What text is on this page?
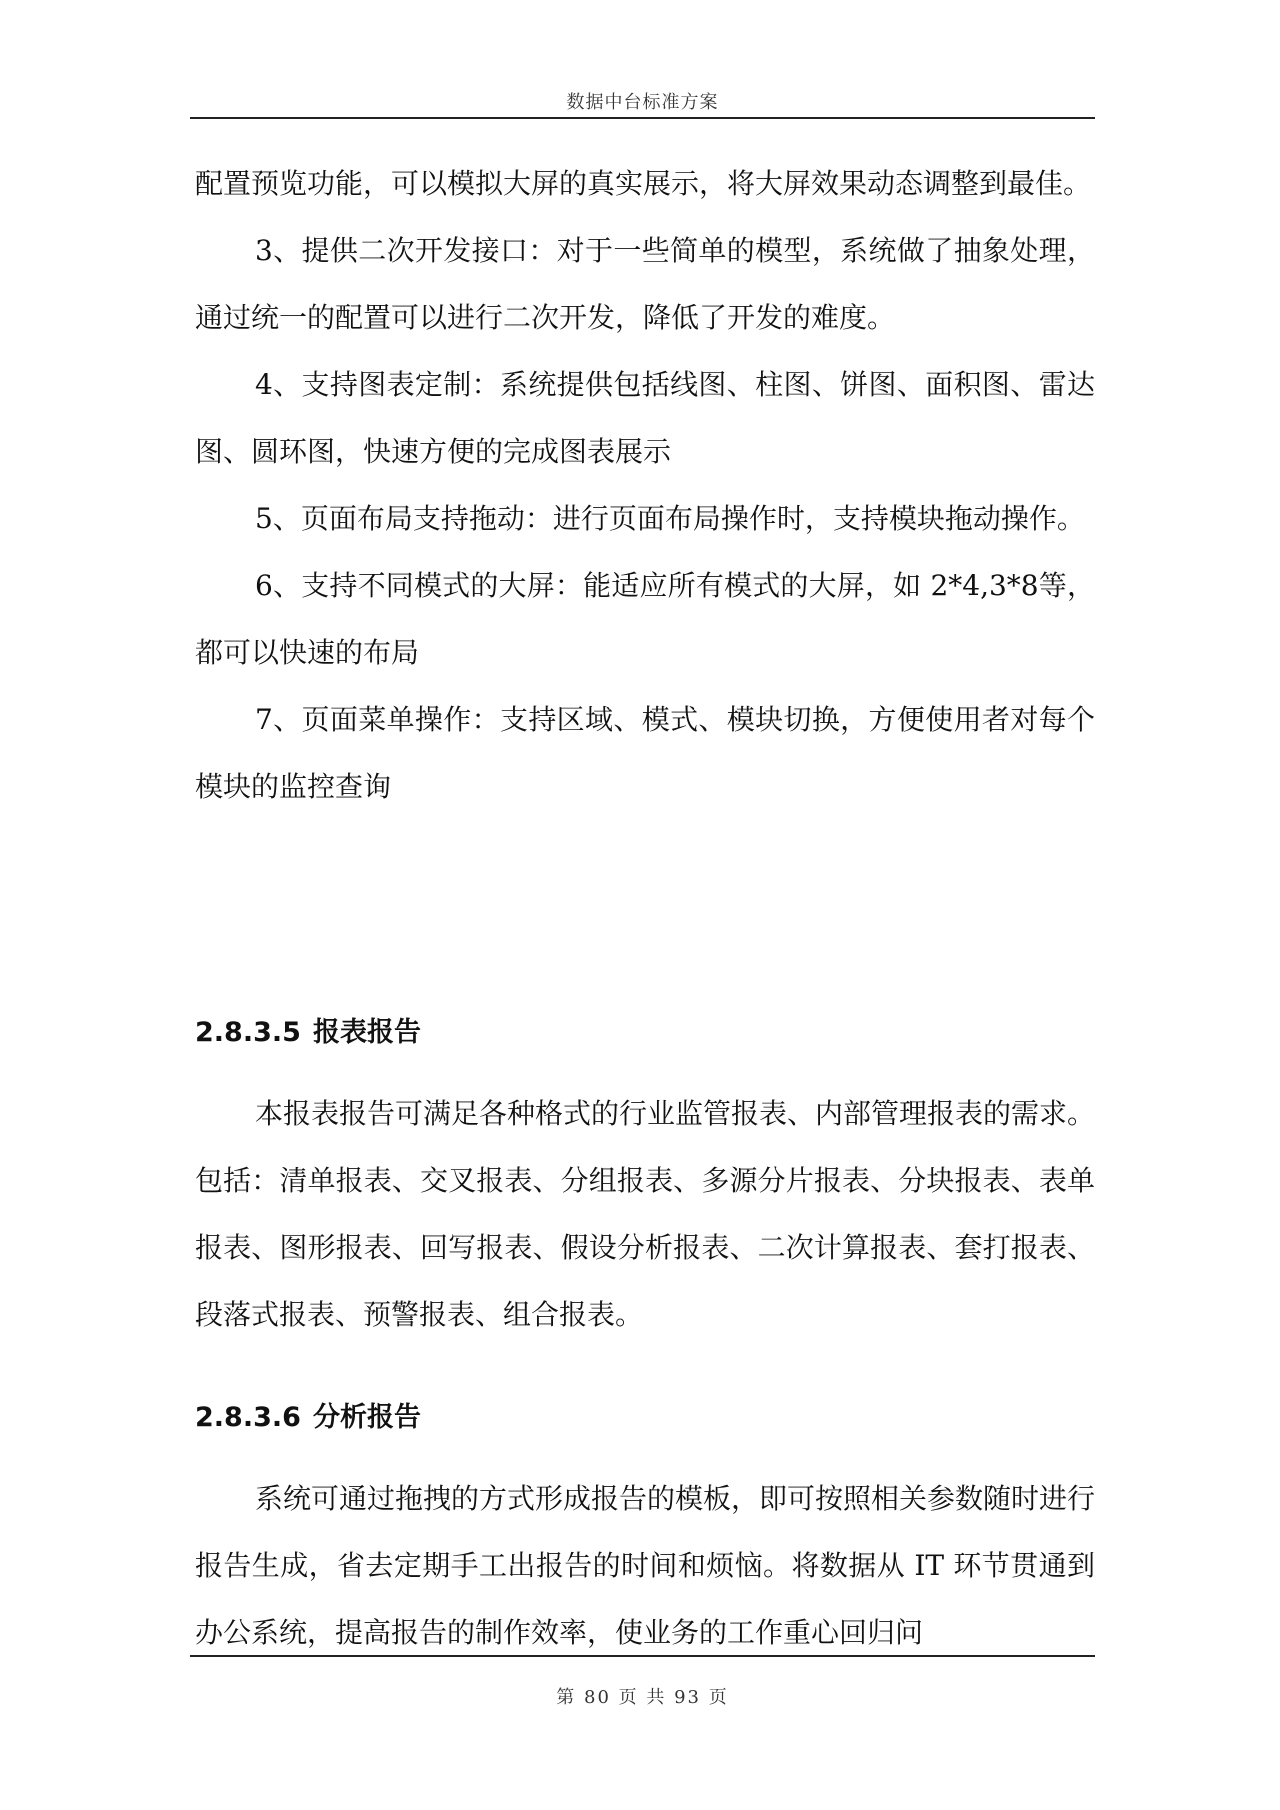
数据中台标准方案

配置预览功能，可以模拟大屏的真实展示，将大屏效果动态调整到最佳。

3、提供二次开发接口：对于一些简单的模型，系统做了抽象处理，通过统一的配置可以进行二次开发，降低了开发的难度。

4、支持图表定制：系统提供包括线图、柱图、饼图、面积图、雷达图、圆环图，快速方便的完成图表展示

5、页面布局支持拖动：进行页面布局操作时，支持模块拖动操作。

6、支持不同模式的大屏：能适应所有模式的大屏，如 2*4,3*8等，都可以快速的布局

7、页面菜单操作：支持区域、模式、模块切换，方便使用者对每个模块的监控查询

2.8.3.5 报表报告

本报表报告可满足各种格式的行业监管报表、内部管理报表的需求。包括：清单报表、交叉报表、分组报表、多源分片报表、分块报表、表单报表、图形报表、回写报表、假设分析报表、二次计算报表、套打报表、段落式报表、预警报表、组合报表。

2.8.3.6 分析报告

系统可通过拖拽的方式形成报告的模板，即可按照相关参数随时进行报告生成，省去定期手工出报告的时间和烦恼。将数据从 IT 环节贯通到办公系统，提高报告的制作效率，使业务的工作重心回归问

第 80 页 共 93 页
